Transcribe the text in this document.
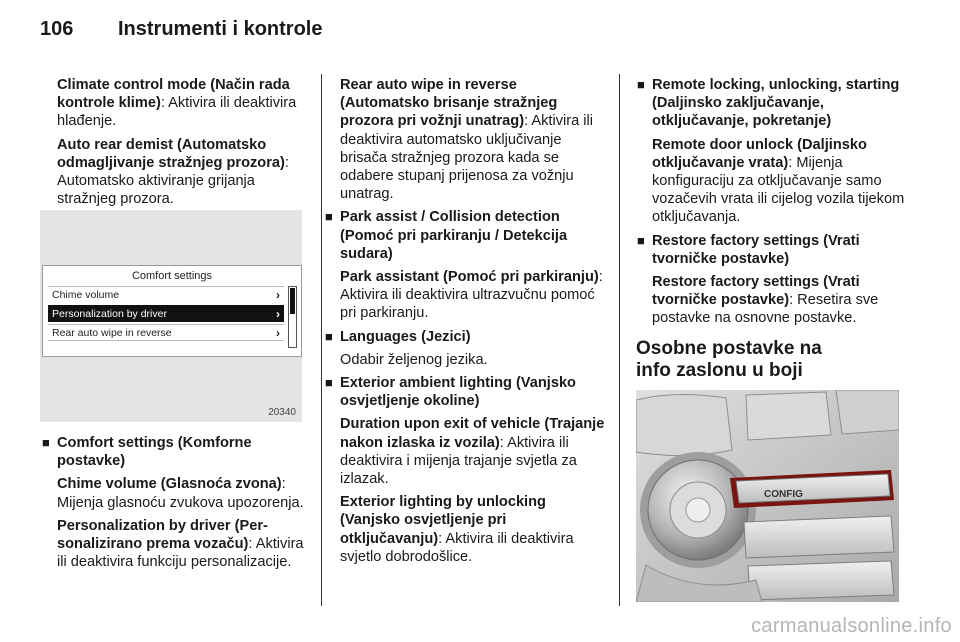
106 Instrumenti i kontrole

Climate control mode (Način rada kontrole klime): Aktivira ili deaktivira hlađenje.

Auto rear demist (Automatsko odmagljivanje stražnjeg prozora): Automatsko aktiviranje grijanja stražnjeg prozora.

Comfort settings
Chime volume	›
Personalization by driver	›
Rear auto wipe in reverse	›
20340
■ Comfort settings (Komforne postavke)

Chime volume (Glasnoća zvona): Mijenja glasnoću zvukova upozorenja.

Personalization by driver (Per-sonalizirano prema vozaču): Aktivira ili deaktivira funkciju personalizacije.

Rear auto wipe in reverse (Automatsko brisanje stražnjeg prozora pri vožnji unatrag): Aktivira ili deaktivira automatsko uključivanje brisača stražnjeg prozora kada se odabere stupanj prijenosa za vožnju unatrag.

■ Park assist / Collision detection (Pomoć pri parkiranju / Detekcija sudara)

Park assistant (Pomoć pri parkiranju): Aktivira ili deaktivira ultrazvučnu pomoć pri parkiranju.

■ Languages (Jezici)

Odabir željenog jezika.

■ Exterior ambient lighting (Vanjsko osvjetljenje okoline)

Duration upon exit of vehicle (Trajanje nakon izlaska iz vozila): Aktivira ili deaktivira i mijenja trajanje svjetla za izlazak.

Exterior lighting by unlocking (Vanjsko osvjetljenje pri otključavanju): Aktivira ili deaktivira svjetlo dobrodošlice.

■ Remote locking, unlocking, starting (Daljinsko zaključavanje, otključavanje, pokretanje)

Remote door unlock (Daljinsko otključavanje vrata): Mijenja konfiguraciju za otključavanje samo vozačevih vrata ili cijelog vozila tijekom otključavanja.

■ Restore factory settings (Vrati tvorničke postavke)

Restore factory settings (Vrati tvorničke postavke): Resetira sve postavke na osnovne postavke.

Osobne postavke na
info zaslonu u boji
CONFIG
carmanualsonline.info
